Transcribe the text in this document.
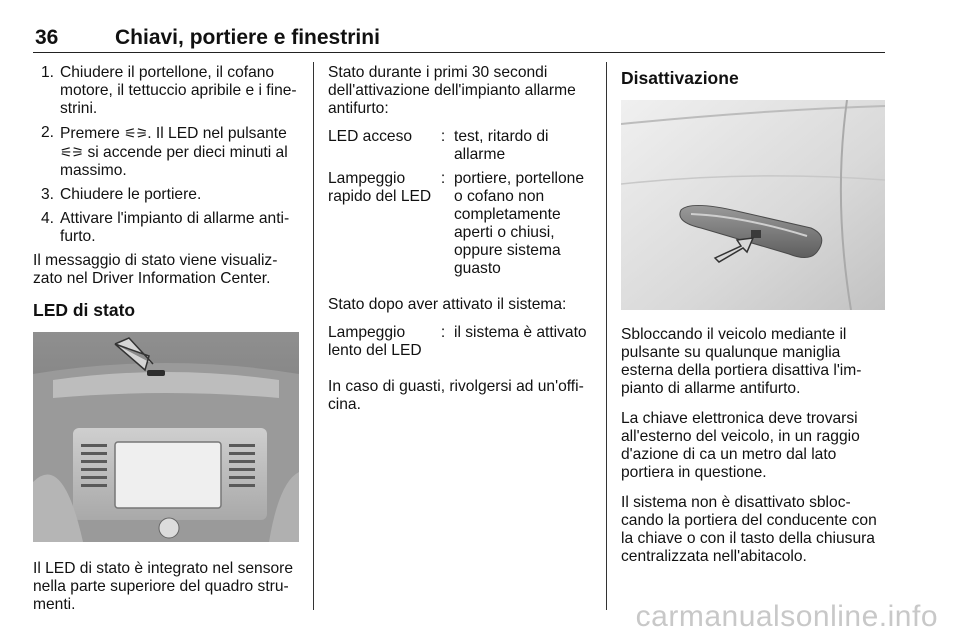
36	Chiavi, portiere e finestrini
1. Chiudere il portellone, il cofano motore, il tettuccio apribile e i finestrini.
2. Premere ⚟⚞. Il LED nel pulsante ⚟⚞ si accende per dieci minuti al massimo.
3. Chiudere le portiere.
4. Attivare l'impianto di allarme antifurto.

Il messaggio di stato viene visualizzato nel Driver Information Center.

LED di stato

Il LED di stato è integrato nel sensore nella parte superiore del quadro strumenti.

Stato durante i primi 30 secondi dell'attivazione dell'impianto allarme antifurto:

LED acceso	:	test, ritardo di allarme
Lampeggio rapido del LED	:	portiere, portellone o cofano non completamente aperti o chiusi, oppure sistema guasto

Stato dopo aver attivato il sistema:

Lampeggio lento del LED	:	il sistema è attivato

In caso di guasti, rivolgersi ad un'officina.

Disattivazione

Sbloccando il veicolo mediante il pulsante su qualunque maniglia esterna della portiera disattiva l'impianto di allarme antifurto.

La chiave elettronica deve trovarsi all'esterno del veicolo, in un raggio d'azione di ca un metro dal lato portiera in questione.

Il sistema non è disattivato sbloccando la portiera del conducente con la chiave o con il tasto della chiusura centralizzata nell'abitacolo.

carmanualsonline.info
